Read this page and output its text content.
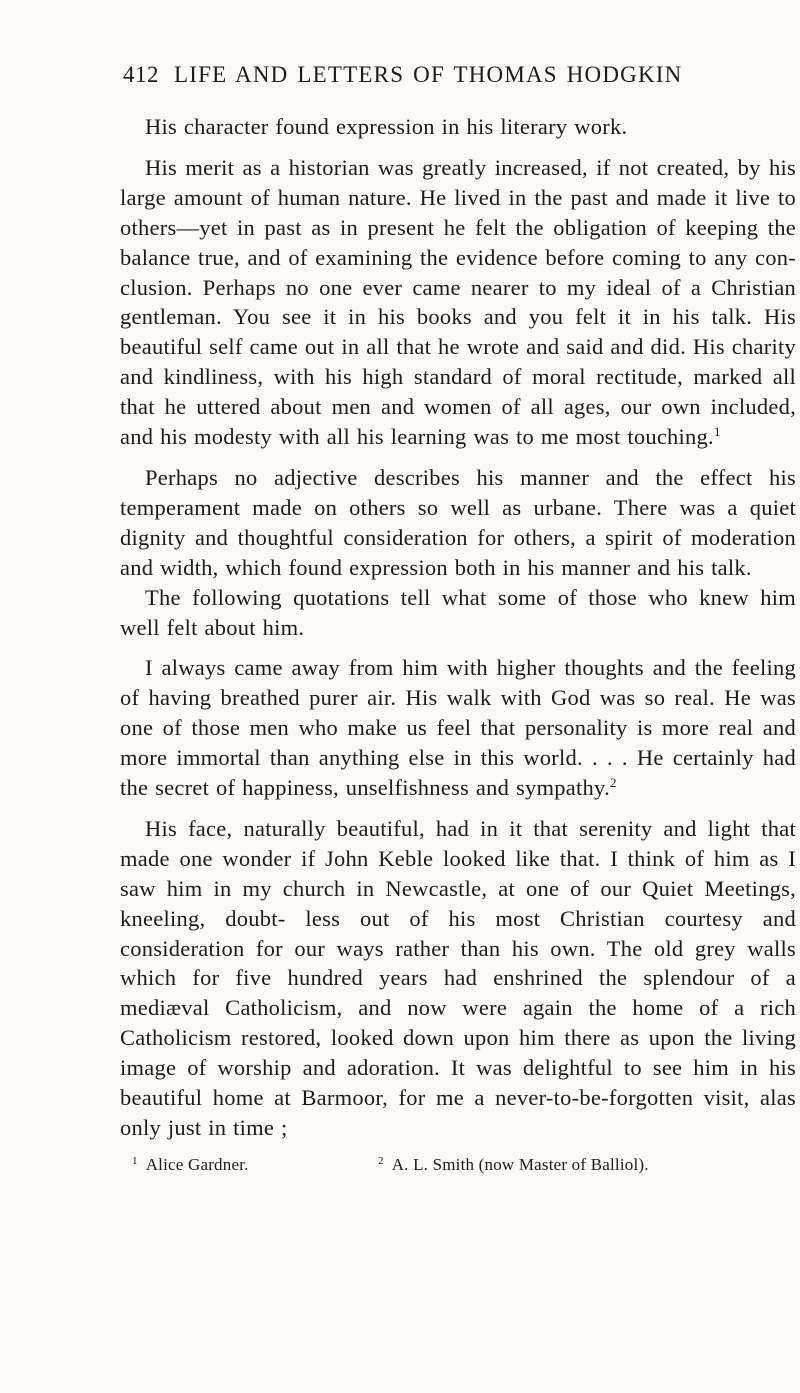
412 LIFE AND LETTERS OF THOMAS HODGKIN

His character found expression in his literary work.

His merit as a historian was greatly increased, if not created, by his large amount of human nature. He lived in the past and made it live to others—yet in past as in present he felt the obligation of keeping the balance true, and of examining the evidence before coming to any con- clusion. Perhaps no one ever came nearer to my ideal of a Christian gentleman. You see it in his books and you felt it in his talk. His beautiful self came out in all that he wrote and said and did. His charity and kindliness, with his high standard of moral rectitude, marked all that he uttered about men and women of all ages, our own included, and his modesty with all his learning was to me most touching.$^1$

Perhaps no adjective describes his manner and the effect his temperament made on others so well as urbane. There was a quiet dignity and thoughtful consideration for others, a spirit of moderation and width, which found expression both in his manner and his talk.

The following quotations tell what some of those who knew him well felt about him.

I always came away from him with higher thoughts and the feeling of having breathed purer air. His walk with God was so real. He was one of those men who make us feel that personality is more real and more immortal than anything else in this world. . . . He certainly had the secret of happiness, unselfishness and sympathy.$^2$

His face, naturally beautiful, had in it that serenity and light that made one wonder if John Keble looked like that. I think of him as I saw him in my church in Newcastle, at one of our Quiet Meetings, kneeling, doubt- less out of his most Christian courtesy and consideration for our ways rather than his own. The old grey walls which for five hundred years had enshrined the splendour of a mediæval Catholicism, and now were again the home of a rich Catholicism restored, looked down upon him there as upon the living image of worship and adoration. It was delightful to see him in his beautiful home at Barmoor, for me a never-to-be-forgotten visit, alas only just in time ;

$^1$ Alice Gardner.	$^2$ A. L. Smith (now Master of Balliol).
